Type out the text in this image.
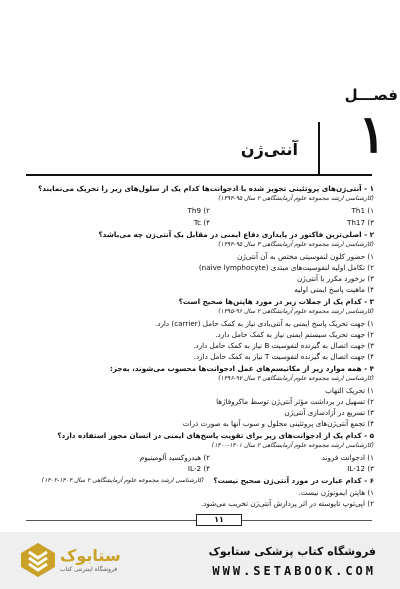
فصـــل
۱
آنتی‌ژن
۱ - آنتی‌ژن‌های پروتئینی تجویز شده با ادجوانت‌ها کدام یک از سلول‌های زیر را تحریک می‌نمایند؟
(کارشناسی ارشد مجموعه علوم آزمایشگاهی ۲ سال ۹۵-۱۳۹۴)
۱) Th1
۲) Th9
۳) Th17
۴) Tc
۲ - اصلی‌ترین فاکتور در پایداری دفاع ایمنی در مقابل یک آنتی‌ژن چه می‌باشد؟
(کارشناسی ارشد مجموعه علوم آزمایشگاهی ۳ سال ۹۵-۱۳۹۴)
۱) حضور کلون لنفوسیتی مختص به آن آنتی‌ژن
۲) تکامل اولیه لنفوسیت‌های مبتدی (naive lymphocyte)
۳) برخورد مکرر با آنتی‌ژن
۴) ماهیت پاسخ ایمنی اولیه
۳ - کدام یک از جملات زیر در مورد هاپتن‌ها صحیح است؟
(کارشناسی ارشد مجموعه علوم آزمایشگاهی ۲ سال ۹۶-۱۳۹۵)
۱) جهت تحریک پاسخ ایمنی به آنتی‌بادی نیاز به کمک حامل (carrier) دارد.
۲) جهت تحریک سیستم ایمنی نیاز به کمک حامل دارد.
۳) جهت اتصال به گیرنده لنفوسیت B نیاز به کمک حامل دارد.
۴) جهت اتصال به گیرنده لنفوسیت T نیاز به کمک حامل دارد.
۴ - همه موارد زیر از مکانیسم‌های عمل ادجوانت‌ها محسوب می‌شوند، به‌جز:
(کارشناسی ارشد مجموعه علوم آزمایشگاهی ۳ سال ۹۷-۱۳۹۶)
۱) تحریک التهاب
۲) تسهیل در برداشت مؤثر آنتی‌ژن توسط ماکروفاژها
۳) تسریع در آزادسازی آنتی‌ژن
۴) تجمع آنتی‌ژن‌های پروتئینی محلول و سوب آنها به صورت ذرات
۵ - کدام یک از ادجوانت‌های زیر برای تقویت پاسخ‌های ایمنی در انسان مجوز استفاده دارد؟
(کارشناسی ارشد مجموعه علوم آزمایشگاهی ۲ سال ۱۴۰۱-۱۴۰۰)
۱) ادجوانت فروند
۲) هیدروکسید آلومینیوم
۳) IL-12
۴) IL-2
۶ - کدام عبارت در مورد آنتی‌ژن صحیح نیست؟
(کارشناسی ارشد مجموعه علوم آزمایشگاهی ۲ سال ۱۴۰۳-۱۴۰۲)
۱) هاپتن ایمونوژن نیست.
۲) اپی‌توپ تایوسته در اثر پردازش آنتی‌ژن تخریب می‌شود.
۱۱
ستابوک
فروشگاه اینترنتی کتاب
فروشگاه کتاب پزشکی ستابوک
WWW.SETABOOK.COM
